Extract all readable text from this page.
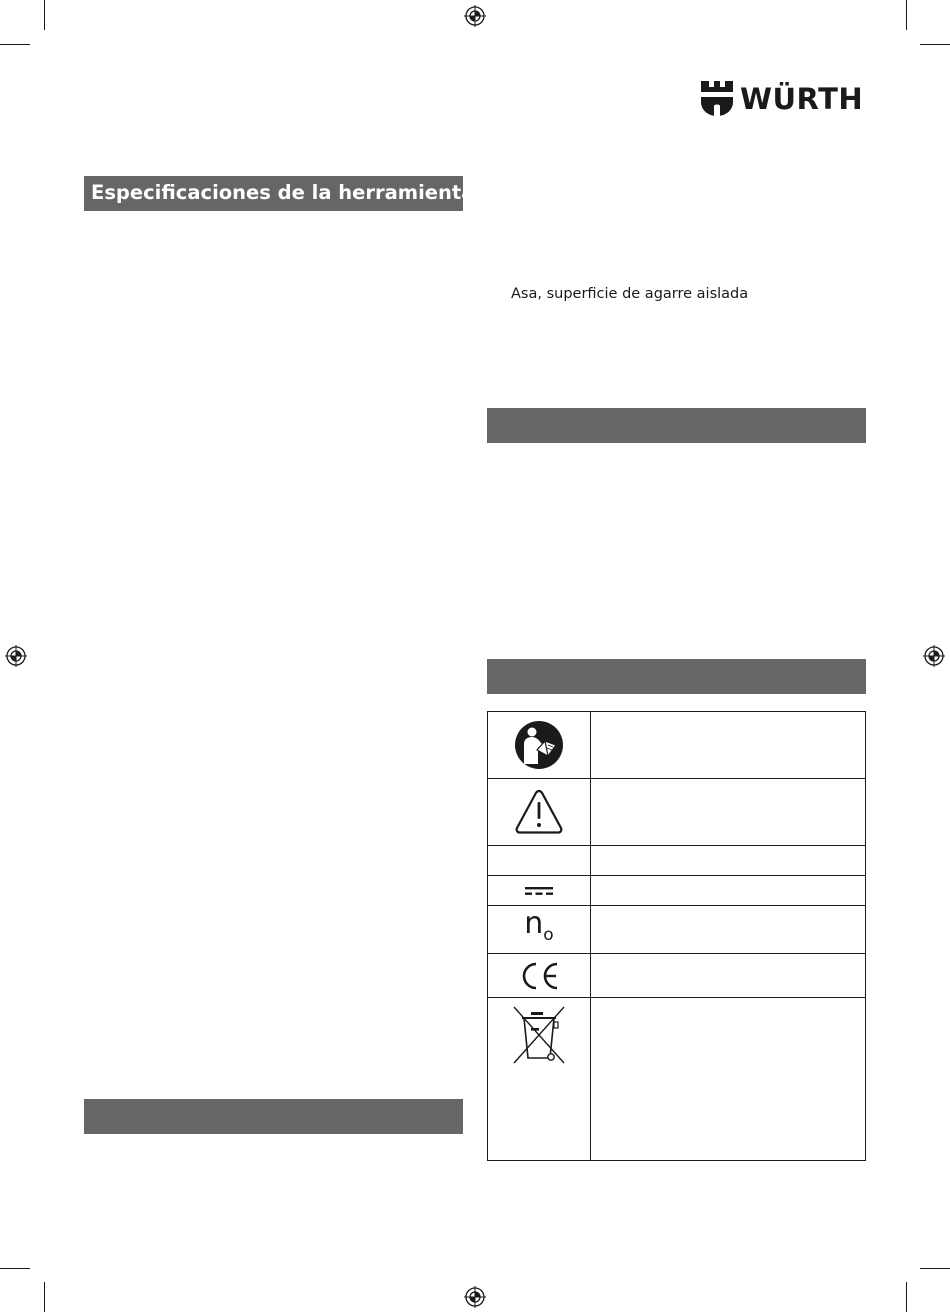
WÜRTH
Especificaciones de la herramienta
Asa, superficie de agarre aislada

$n_o$
